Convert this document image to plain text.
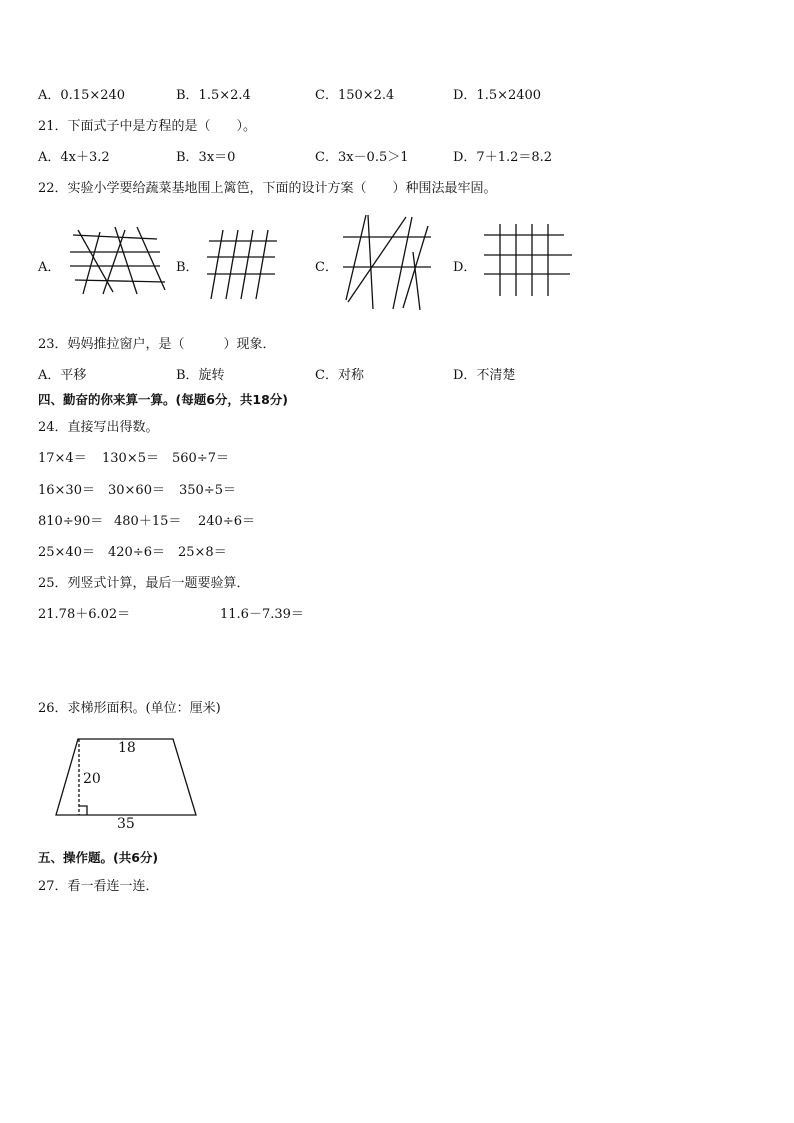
A．0.15×240	B．1.5×2.4	C．150×2.4	D．1.5×2400
21．下面式子中是方程的是（　　）。
A．4x＋3.2	B．3x＝0	C．3x－0.5＞1	D．7＋1.2＝8.2
22．实验小学要给蔬菜基地围上篱笆，下面的设计方案（　　）种围法最牢固。
A．	B．	C．	D．
23．妈妈推拉窗户，是（　　　）现象．
A．平移	B．旋转	C．对称	D．不清楚
四、勤奋的你来算一算。(每题6分，共18分)
24．直接写出得数。
17×4＝ 130×5＝ 560÷7＝
16×30＝ 30×60＝ 350÷5＝
810÷90＝ 480＋15＝ 240÷6＝
25×40＝ 420÷6＝ 25×8＝
25．列竖式计算，最后一题要验算．
21.78＋6.02＝	11.6－7.39＝
26．求梯形面积。(单位：厘米)
18
20
35
五、操作题。(共6分)
27．看一看连一连．
